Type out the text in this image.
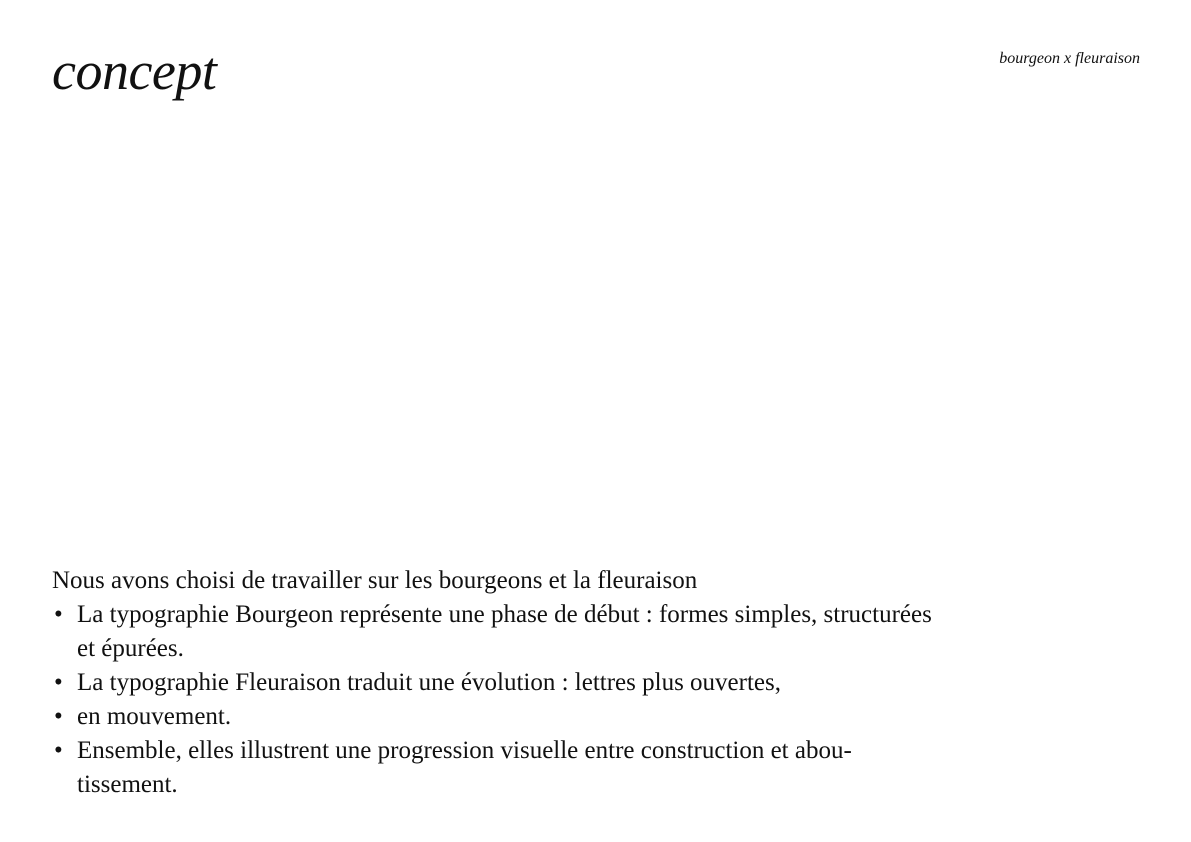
concept	bourgeon x fleuraison

Nous avons choisi de travailler sur les bourgeons et la fleuraison

• La typographie Bourgeon représente une phase de début : formes simples, structurées et épurées.
• La typographie Fleuraison traduit une évolution : lettres plus ouvertes,
• en mouvement.
• Ensemble, elles illustrent une progression visuelle entre construction et abou-tissement.
